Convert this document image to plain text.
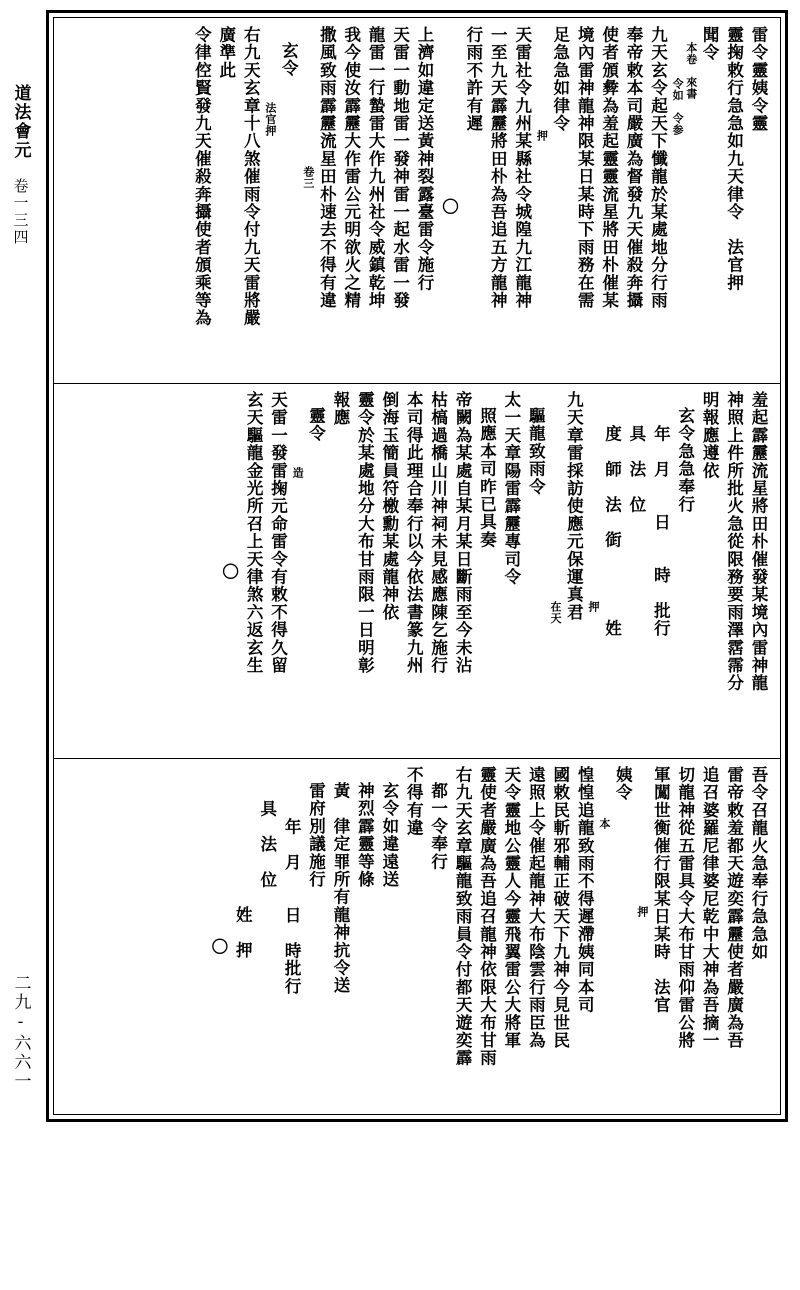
道法會元
卷一三四
二九-六六一
雷令靈姨令靈
靈掬敕行急急如九天律令　法官押
聞令
本卷　來書
令如　令参
九天玄令起天下懺龍於某處地分行雨
奉帝敕本司嚴廣為督發九天催殺奔攝
使者頒彜為羞起靈靈流星將田朴催某
境內雷神龍神限某日某時下雨務在需
足急急如律令
押
天雷社令九州某縣社令城隍九江龍神
一至九天霹靂將田朴為吾追五方龍神
行雨不許有遲
〇
上濟如違定送黃神裂露臺雷令施行
天雷一動地雷一發神雷一起水雷一發
龍雷一行蟄雷大作九州社令威鎮乾坤
我今使汝霹靂大作雷公元明欲火之精
撒風致雨霹靂流星田朴速去不得有違
卷三
玄令
法官押
右九天玄章十八煞催雨令付九天雷將嚴
廣準此
令律倥賢發九天催殺奔攝使者頒乘等為
羞起霹靂流星將田朴催發某境內雷神龍
神照上件所批火急從限務要雨澤霑霈分
明報應遵依
玄令急急奉行
年　月　　日　　時　批行
具　法　位
度　師　法　衘　　　　姓
押
九天章雷採訪使應元保運真君
在天
驅龍致雨令
太一天章陽雷霹靂專司令
照應本司昨已具奏
帝闕為某處自某月某日斷雨至今未沾
枯槁過橋山川神祠未見感應陳乞施行
本司得此理合奉行以今依法書篆九州
倒海玉簡員符檄勳某處龍神依
靈令於某處地分大布甘雨限一日明彰
報應
靈令
造
天雷一發雷掬元命雷令有敕不得久留
玄天驅龍金光所召上天律煞六返玄生
〇
吾令召龍火急奉行急急如
雷帝敕羞都天遊奕霹靂使者嚴廣為吾
追召婆羅尼律婆尼乾中大神為吾摘一
切龍神從五雷具令大布甘雨仰雷公將
軍闖世衡催行限某日某時　法官
押
姨令
本
惶惶追龍致雨不得遲滯姨同本司
國敕民斬邪輔正破天下九神今見世民
遠照上令催起龍神大布陰雲行雨臣為
天令靈地公靈人今靈飛翼雷公大將軍
靈使者嚴廣為吾追召龍神依限大布甘雨
右九天玄章驅龍致雨員令付都天遊奕霹
都一令奉行
不得有違
玄令如違遠送
神烈霹靈等條
黃　律定罪所有龍神抗令送
雷府別議施行
年　月　　日　時批行
具　法　位
姓　押
〇
